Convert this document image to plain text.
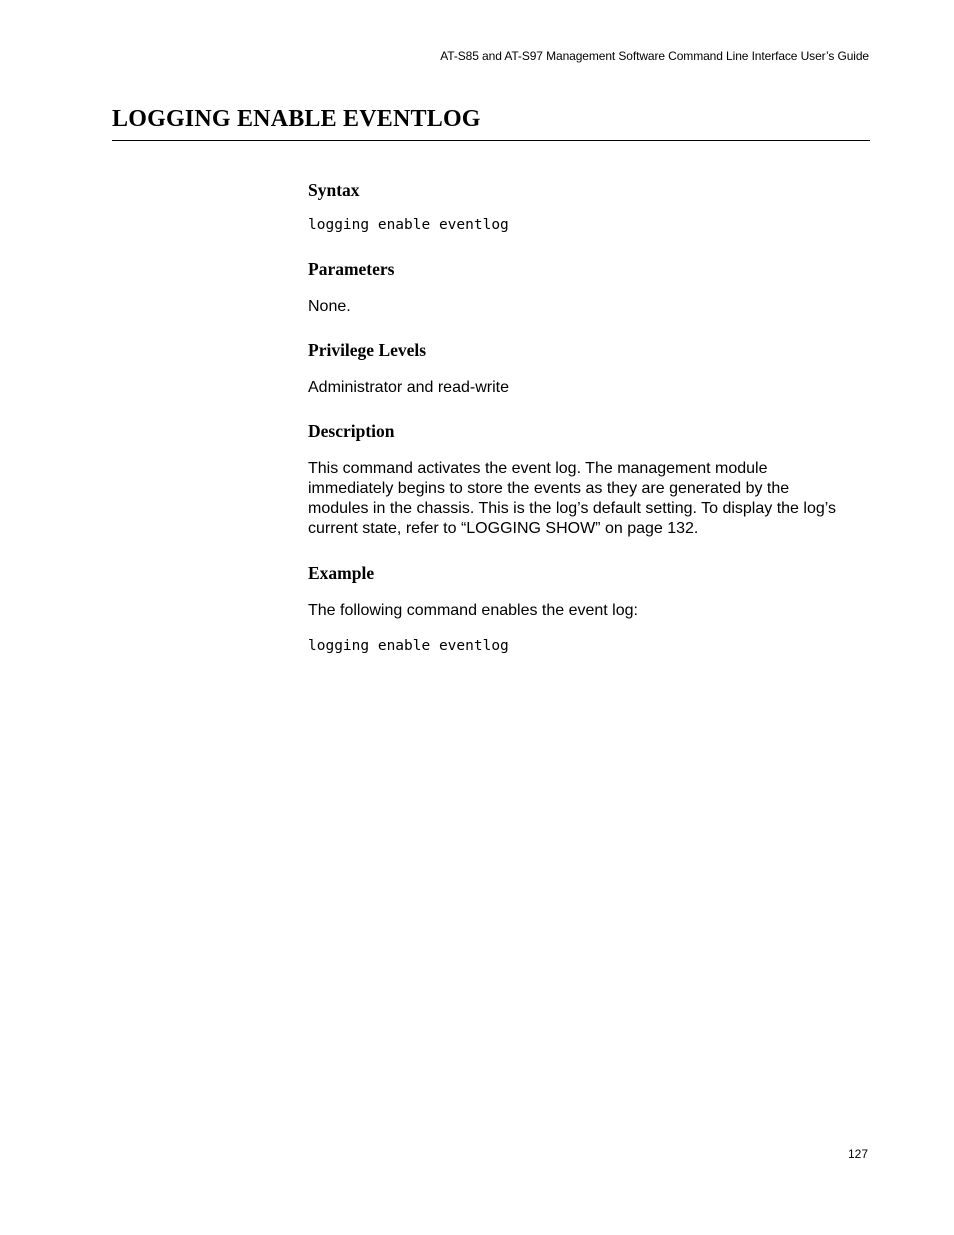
AT-S85 and AT-S97 Management Software Command Line Interface User’s Guide
LOGGING ENABLE EVENTLOG
Syntax
logging enable eventlog
Parameters

None.

Privilege Levels

Administrator and read-write

Description

This command activates the event log. The management module immediately begins to store the events as they are generated by the modules in the chassis. This is the log’s default setting. To display the log’s current state, refer to “LOGGING SHOW” on page 132.

Example

The following command enables the event log:

logging enable eventlog
127
